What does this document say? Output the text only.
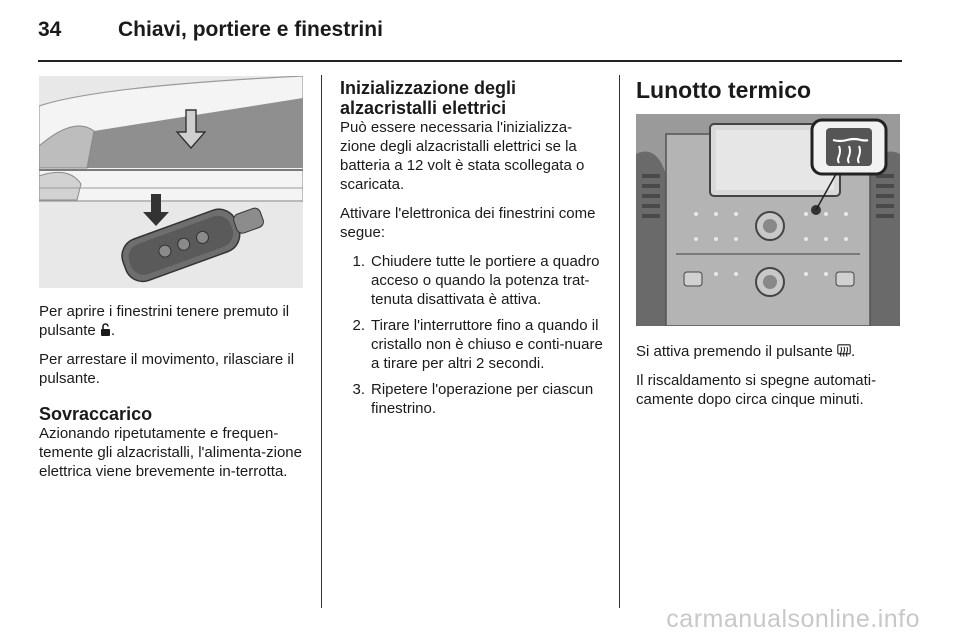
34	Chiavi, portiere e finestrini

Per aprire i finestrini tenere premuto il pulsante .

Per arrestare il movimento, rilasciare il pulsante.

Sovraccarico

Azionando ripetutamente e frequen-temente gli alzacristalli, l'alimenta-zione elettrica viene brevemente in-terrotta.

Inizializzazione degli
alzacristalli elettrici

Può essere necessaria l'inizializza-zione degli alzacristalli elettrici se la batteria a 12 volt è stata scollegata o scaricata.

Attivare l'elettronica dei finestrini come segue:

1. Chiudere tutte le portiere a quadro acceso o quando la potenza trat-tenuta disattivata è attiva.
2. Tirare l'interruttore fino a quando il cristallo non è chiuso e conti-nuare a tirare per altri 2 secondi.
3. Ripetere l'operazione per ciascun finestrino.
Lunotto termico

Si attiva premendo il pulsante .

Il riscaldamento si spegne automati-camente dopo circa cinque minuti.

carmanualsonline.info
